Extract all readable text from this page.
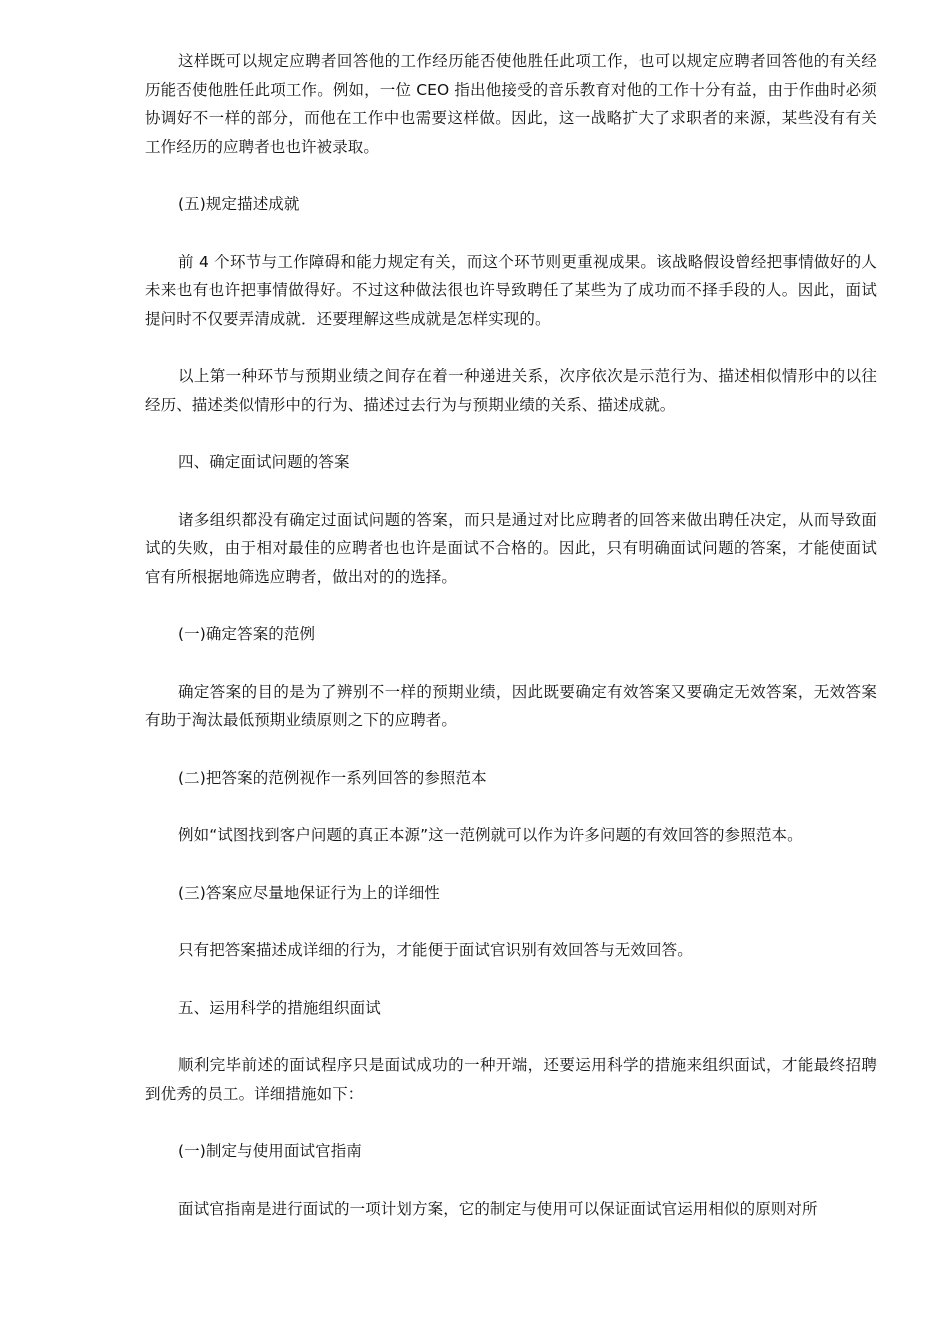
这样既可以规定应聘者回答他的工作经历能否使他胜任此项工作，也可以规定应聘者回答他的有关经历能否使他胜任此项工作。例如，一位 CEO 指出他接受的音乐教育对他的工作十分有益，由于作曲时必须协调好不一样的部分，而他在工作中也需要这样做。因此，这一战略扩大了求职者的来源，某些没有有关工作经历的应聘者也也许被录取。

(五)规定描述成就

前 4 个环节与工作障碍和能力规定有关，而这个环节则更重视成果。该战略假设曾经把事情做好的人未来也有也许把事情做得好。不过这种做法很也许导致聘任了某些为了成功而不择手段的人。因此，面试提问时不仅要弄清成就．还要理解这些成就是怎样实现的。

以上第一种环节与预期业绩之间存在着一种递进关系，次序依次是示范行为、描述相似情形中的以往经历、描述类似情形中的行为、描述过去行为与预期业绩的关系、描述成就。

四、确定面试问题的答案

诸多组织都没有确定过面试问题的答案，而只是通过对比应聘者的回答来做出聘任决定，从而导致面试的失败，由于相对最佳的应聘者也也许是面试不合格的。因此，只有明确面试问题的答案，才能使面试官有所根据地筛选应聘者，做出对的的选择。

(一)确定答案的范例

确定答案的目的是为了辨别不一样的预期业绩，因此既要确定有效答案又要确定无效答案，无效答案有助于淘汰最低预期业绩原则之下的应聘者。

(二)把答案的范例视作一系列回答的参照范本

例如“试图找到客户问题的真正本源”这一范例就可以作为许多问题的有效回答的参照范本。

(三)答案应尽量地保证行为上的详细性

只有把答案描述成详细的行为，才能便于面试官识别有效回答与无效回答。

五、运用科学的措施组织面试

顺利完毕前述的面试程序只是面试成功的一种开端，还要运用科学的措施来组织面试，才能最终招聘到优秀的员工。详细措施如下：

(一)制定与使用面试官指南

面试官指南是进行面试的一项计划方案，它的制定与使用可以保证面试官运用相似的原则对所
